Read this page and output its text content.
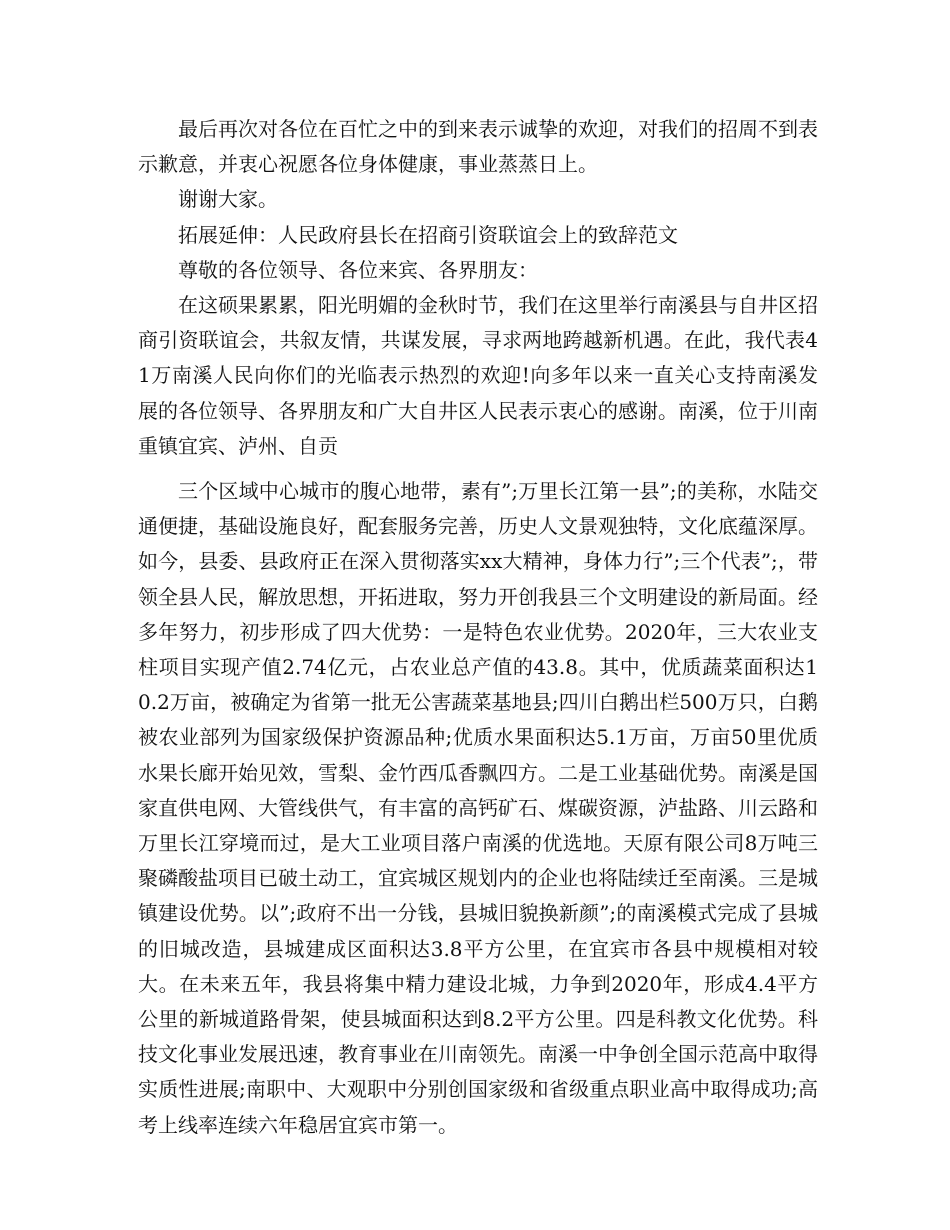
最后再次对各位在百忙之中的到来表示诚挚的欢迎，对我们的招周不到表示歉意，并衷心祝愿各位身体健康，事业蒸蒸日上。

谢谢大家。

拓展延伸：人民政府县长在招商引资联谊会上的致辞范文

尊敬的各位领导、各位来宾、各界朋友：

在这硕果累累，阳光明媚的金秋时节，我们在这里举行南溪县与自井区招商引资联谊会，共叙友情，共谋发展，寻求两地跨越新机遇。在此，我代表41万南溪人民向你们的光临表示热烈的欢迎!向多年以来一直关心支持南溪发展的各位领导、各界朋友和广大自井区人民表示衷心的感谢。南溪，位于川南重镇宜宾、泸州、自贡

三个区域中心城市的腹心地带，素有”;万里长江第一县”;的美称，水陆交通便捷，基础设施良好，配套服务完善，历史人文景观独特，文化底蕴深厚。如今，县委、县政府正在深入贯彻落实xx大精神，身体力行”;三个代表”;，带领全县人民，解放思想，开拓进取，努力开创我县三个文明建设的新局面。经多年努力，初步形成了四大优势：一是特色农业优势。2020年，三大农业支柱项目实现产值2.74亿元，占农业总产值的43.8。其中，优质蔬菜面积达10.2万亩，被确定为省第一批无公害蔬菜基地县;四川白鹅出栏500万只，白鹅被农业部列为国家级保护资源品种;优质水果面积达5.1万亩，万亩50里优质水果长廊开始见效，雪梨、金竹西瓜香飘四方。二是工业基础优势。南溪是国家直供电网、大管线供气，有丰富的高钙矿石、煤碳资源，泸盐路、川云路和万里长江穿境而过，是大工业项目落户南溪的优选地。天原有限公司8万吨三聚磷酸盐项目已破土动工，宜宾城区规划内的企业也将陆续迁至南溪。三是城镇建设优势。以”;政府不出一分钱，县城旧貌换新颜”;的南溪模式完成了县城的旧城改造，县城建成区面积达3.8平方公里，在宜宾市各县中规模相对较大。在未来五年，我县将集中精力建设北城，力争到2020年，形成4.4平方公里的新城道路骨架，使县城面积达到8.2平方公里。四是科教文化优势。科技文化事业发展迅速，教育事业在川南领先。南溪一中争创全国示范高中取得实质性进展;南职中、大观职中分别创国家级和省级重点职业高中取得成功;高考上线率连续六年稳居宜宾市第一。
